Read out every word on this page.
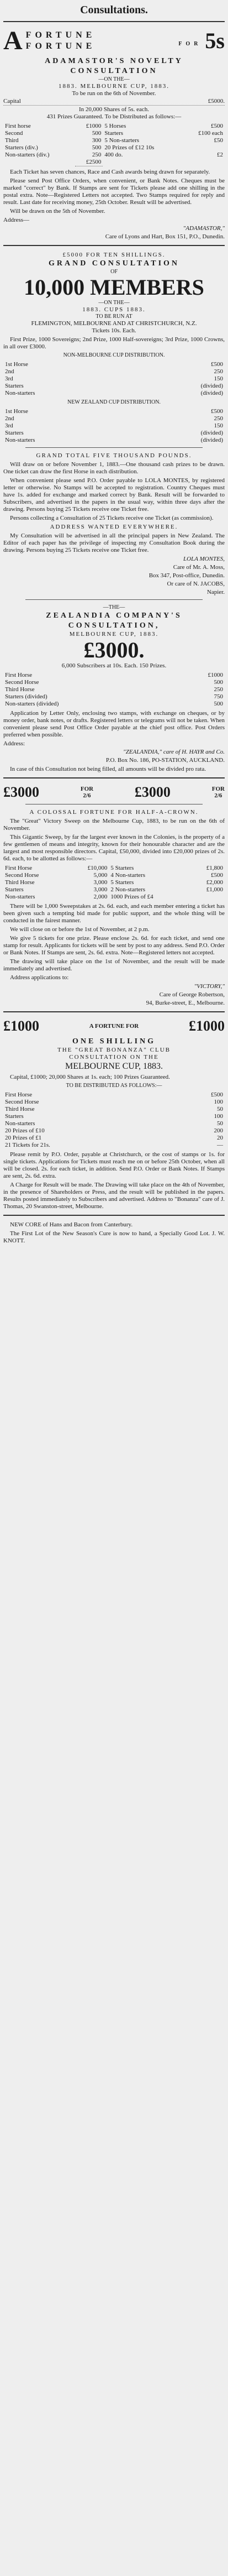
Consultations.
A FORTUNE
FORTUNE	FOR 5s
ADAMASTOR'S NOVELTY CONSULTATION
—ON THE—
1883. MELBOURNE CUP, 1883.
To be run on the 6th of November.
Capital	£5000.
In 20,000 Shares of 5s. each.
431 Prizes Guaranteed. To be Distributed as follows:—
First horse	£1000	5 Horses	£500
Second	500	Starters	£100 each
Third	300	5 Non-starters	£50
Starters (div.)	500	20 Prizes of £12 10s	
Non-starters (div.)	250	400 do.	£2
	£2500		

Each Ticket has seven chances, Race and Cash awards being drawn for separately.

Please send Post Office Orders, when convenient, or Bank Notes. Cheques must be marked "correct" by Bank. If Stamps are sent for Tickets please add one shilling in the postal extra. Note—Registered Letters not accepted. Two Stamps required for reply and result. Last date for receiving money, 25th October. Result will be advertised.

Will be drawn on the 5th of November.

Address—
"ADAMASTOR,"
Care of Lyons and Hart, Box 151, P.O., Dunedin.
£5000 FOR TEN SHILLINGS.
GRAND CONSULTATION
OF
10,000 MEMBERS
—ON THE—
1883. CUPS 1883.
TO BE RUN AT
FLEMINGTON, MELBOURNE AND AT CHRISTCHURCH, N.Z.
Tickets 10s. Each.

First Prize, 1000 Sovereigns; 2nd Prize, 1000 Half-sovereigns; 3rd Prize, 1000 Crowns, in all over £3000.

NON-MELBOURNE CUP DISTRIBUTION.
1st Horse	£500
2nd	250
3rd	150
Starters	(divided)
Non-starters	(divided)
NEW ZEALAND CUP DISTRIBUTION.
1st Horse	£500
2nd	250
3rd	150
Starters	(divided)
Non-starters	(divided)
GRAND TOTAL FIVE THOUSAND POUNDS.

Will draw on or before November 1, 1883.—One thousand cash prizes to be drawn. One ticket can draw the first Horse in each distribution.

When convenient please send P.O. Order payable to LOLA MONTES, by registered letter or otherwise. No Stamps will be accepted to registration. Country Cheques must have 1s. added for exchange and marked correct by Bank. Result will be forwarded to Subscribers, and advertised in the papers in the usual way, within three days after the drawing. Persons buying 25 Tickets receive one Ticket free.

Persons collecting a Consultation of 25 Tickets receive one Ticket (as commission).

ADDRESS WANTED EVERYWHERE.

My Consultation will be advertised in all the principal papers in New Zealand. The Editor of each paper has the privilege of inspecting my Consultation Book during the drawing. Persons buying 25 Tickets receive one Ticket free.

LOLA MONTES,
Care of Mr. A. Moss,
Box 347, Post-office, Dunedin.
Or care of N. JACOBS,
Napier.
—THE—
ZEALANDIA COMPANY'S
CONSULTATION,
MELBOURNE CUP, 1883.
£3000.
6,000 Subscribers at 10s. Each. 150 Prizes.
First Horse	£1000
Second Horse	500
Third Horse	250
Starters (divided)	750
Non-starters (divided)	500

Application by Letter Only, enclosing two stamps, with exchange on cheques, or by money order, bank notes, or drafts. Registered letters or telegrams will not be taken. When convenient please send Post Office Order payable at the chief post office. Post Orders preferred when possible.

Address:
"ZEALANDIA," care of H. HAYR and Co.
P.O. Box No. 186, PO-STATION, AUCKLAND.

In case of this Consultation not being filled, all amounts will be divided pro rata.

£3000	FOR
2/6	£3000	FOR
2/6
A COLOSSAL FORTUNE FOR HALF-A-CROWN.

The "Great" Victory Sweep on the Melbourne Cup, 1883, to be run on the 6th of November.

This Gigantic Sweep, by far the largest ever known in the Colonies, is the property of a few gentlemen of means and integrity, known for their honourable character and are the largest and most responsible directors. Capital, £50,000, divided into £20,000 prizes of 2s. 6d. each, to be allotted as follows:—

First Horse	£10,000	5 Starters	£1,800
Second Horse	5,000	4 Non-starters	£500
Third Horse	3,000	5 Starters	£2,000
Starters	3,000	2 Non-starters	£1,000
Non-starters	2,000	1000 Prizes of £4	

There will be 1,000 Sweepstakes at 2s. 6d. each, and each member entering a ticket has been given such a tempting bid made for public support, and the whole thing will be conducted in the fairest manner.

We will close on or before the 1st of November, at 2 p.m.

We give 5 tickets for one prize. Please enclose 2s. 6d. for each ticket, and send one stamp for result. Applicants for tickets will be sent by post to any address. Send P.O. Order or Bank Notes. If Stamps are sent, 2s. 6d. extra. Note—Registered letters not accepted.

The drawing will take place on the 1st of November, and the result will be made immediately and advertised.

Address applications to:

"VICTORY,"
Care of George Robertson,
94, Burke-street, E., Melbourne.
£1000	A FORTUNE FOR	£1000
ONE SHILLING
THE "GREAT BONANZA" CLUB
CONSULTATION ON THE
MELBOURNE CUP, 1883.

Capital, £1000; 20,000 Shares at 1s. each; 100 Prizes Guaranteed.

TO BE DISTRIBUTED AS FOLLOWS:—
First Horse	£500
Second Horse	100
Third Horse	50
Starters	100
Non-starters	50
20 Prizes of £10	200
20 Prizes of £1	20
21 Tickets for 21s.	—

Please remit by P.O. Order, payable at Christchurch, or the cost of stamps or 1s. for single tickets. Applications for Tickets must reach me on or before 25th October, when all will be closed. 2s. for each ticket, in addition. Send P.O. Order or Bank Notes. If Stamps are sent, 2s. 6d. extra.

A Charge for Result will be made. The Drawing will take place on the 4th of November, in the presence of Shareholders or Press, and the result will be published in the papers. Results posted immediately to Subscribers and advertised. Address to "Bonanza" care of J. Thomas, 20 Swanston-street, Melbourne.

NEW CORE of Hans and Bacon from Canterbury.

The First Lot of the New Season's Cure is now to hand, a Specially Good Lot. J. W. KNOTT.
